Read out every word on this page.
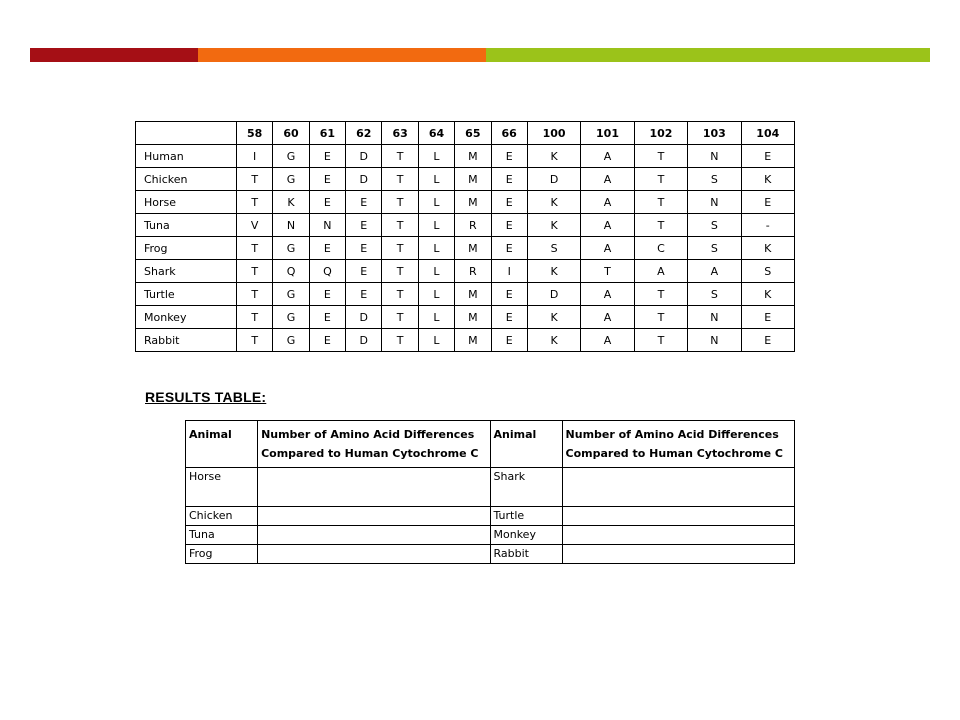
	58	60	61	62	63	64	65	66	100	101	102	103	104
Human	I	G	E	D	T	L	M	E	K	A	T	N	E
Chicken	T	G	E	D	T	L	M	E	D	A	T	S	K
Horse	T	K	E	E	T	L	M	E	K	A	T	N	E
Tuna	V	N	N	E	T	L	R	E	K	A	T	S	-
Frog	T	G	E	E	T	L	M	E	S	A	C	S	K
Shark	T	Q	Q	E	T	L	R	I	K	T	A	A	S
Turtle	T	G	E	E	T	L	M	E	D	A	T	S	K
Monkey	T	G	E	D	T	L	M	E	K	A	T	N	E
Rabbit	T	G	E	D	T	L	M	E	K	A	T	N	E
RESULTS TABLE:
Animal	Number of Amino Acid Differences Compared to Human Cytochrome C	Animal	Number of Amino Acid Differences Compared to Human Cytochrome C
Horse		Shark	
Chicken		Turtle	
Tuna		Monkey	
Frog		Rabbit	
